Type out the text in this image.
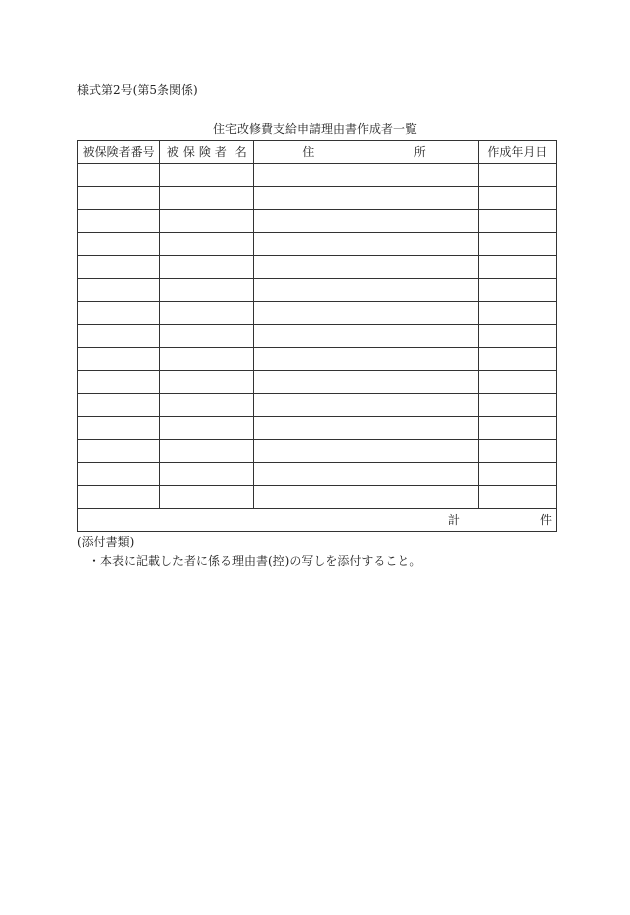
様式第2号(第5条関係)
住宅改修費支給申請理由書作成者一覧
被保険者番号	被 保 険 者 名	住 所	作成年月日

計 件			
(添付書類)
・本表に記載した者に係る理由書(控)の写しを添付すること。
